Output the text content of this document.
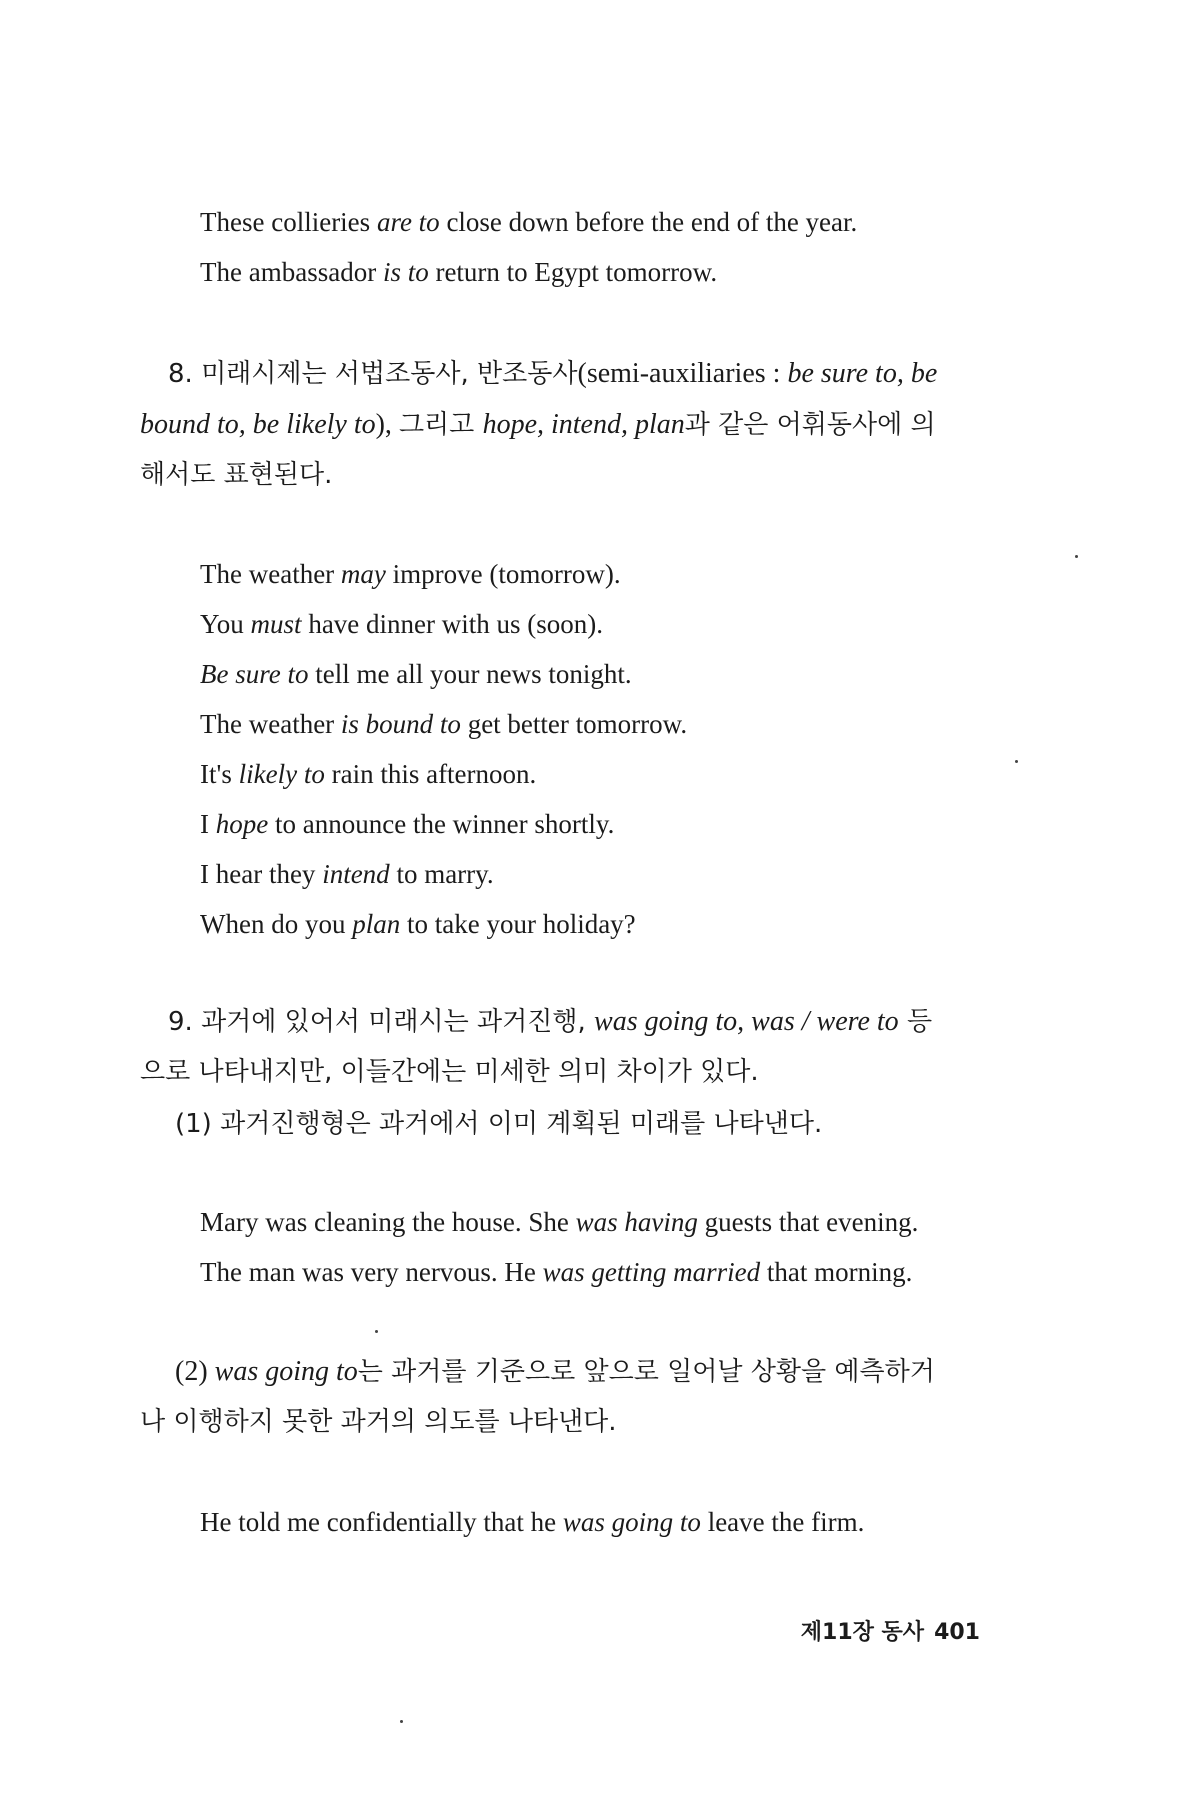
These collieries are to close down before the end of the year.
The ambassador is to return to Egypt tomorrow.
8. 미래시제는 서법조동사, 반조동사(semi-auxiliaries : be sure to, be
bound to, be likely to), 그리고 hope, intend, plan과 같은 어휘동사에 의
해서도 표현된다.
The weather may improve (tomorrow).
You must have dinner with us (soon).
Be sure to tell me all your news tonight.
The weather is bound to get better tomorrow.
It's likely to rain this afternoon.
I hope to announce the winner shortly.
I hear they intend to marry.
When do you plan to take your holiday?
9. 과거에 있어서 미래시는 과거진행, was going to, was / were to 등
으로 나타내지만, 이들간에는 미세한 의미 차이가 있다.
(1) 과거진행형은 과거에서 이미 계획된 미래를 나타낸다.
Mary was cleaning the house. She was having guests that evening.
The man was very nervous. He was getting married that morning.
(2) was going to는 과거를 기준으로 앞으로 일어날 상황을 예측하거
나 이행하지 못한 과거의 의도를 나타낸다.
He told me confidentially that he was going to leave the firm.
제11장 동사 401
